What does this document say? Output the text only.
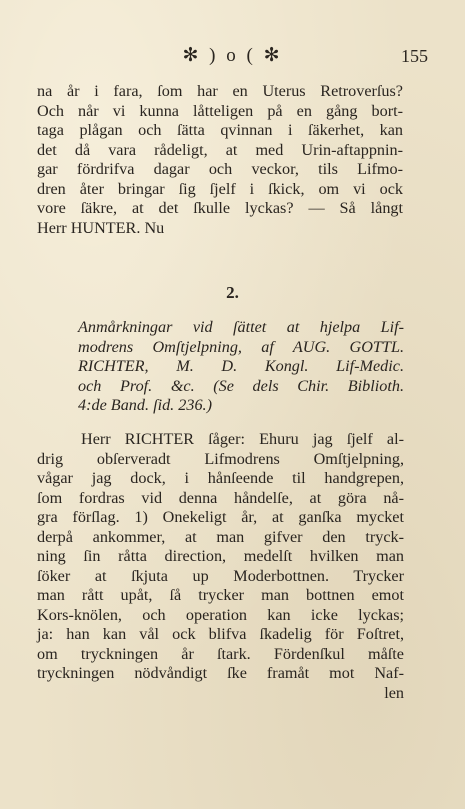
✻ ) o ( ✻	155
na år i fara, ſom har en Uterus Retroverſus?
Och når vi kunna låtteligen på en gång bort-
taga plågan och ſätta qvinnan i ſäkerhet, kan
det då vara rådeligt, at med Urin-aftappnin-
gar fördrifva dagar och veckor, tils Lifmo-
dren åter bringar ſig ſjelf i ſkick, om vi ock
vore ſäkre, at det ſkulle lyckas? — Så långt
Herr HUNTER. Nu
2.
Anmårkningar vid ſättet at hjelpa Lif-
modrens Omſtjelpning, af AUG. GOTTL.
RICHTER, M. D. Kongl. Lif-Medic.
och Prof. &c. (Se dels Chir. Biblioth.
4:de Band. ſid. 236.)
Herr RICHTER ſåger: Ehuru jag ſjelf al-
drig obſerveradt Lifmodrens Omſtjelpning,
vågar jag dock, i hånſeende til handgrepen,
ſom fordras vid denna håndelſe, at göra nå-
gra förſlag. 1) Onekeligt år, at ganſka mycket
derpå ankommer, at man gifver den tryck-
ning ſin råtta direction, medelſt hvilken man
ſöker at ſkjuta up Moderbottnen. Trycker
man rått upåt, ſå trycker man bottnen emot
Kors-knölen, och operation kan icke lyckas;
ja: han kan vål ock blifva ſkadelig för Foſtret,
om tryckningen år ſtark. Fördenſkul måſte
tryckningen nödvåndigt ſke framåt mot Naf-
len
